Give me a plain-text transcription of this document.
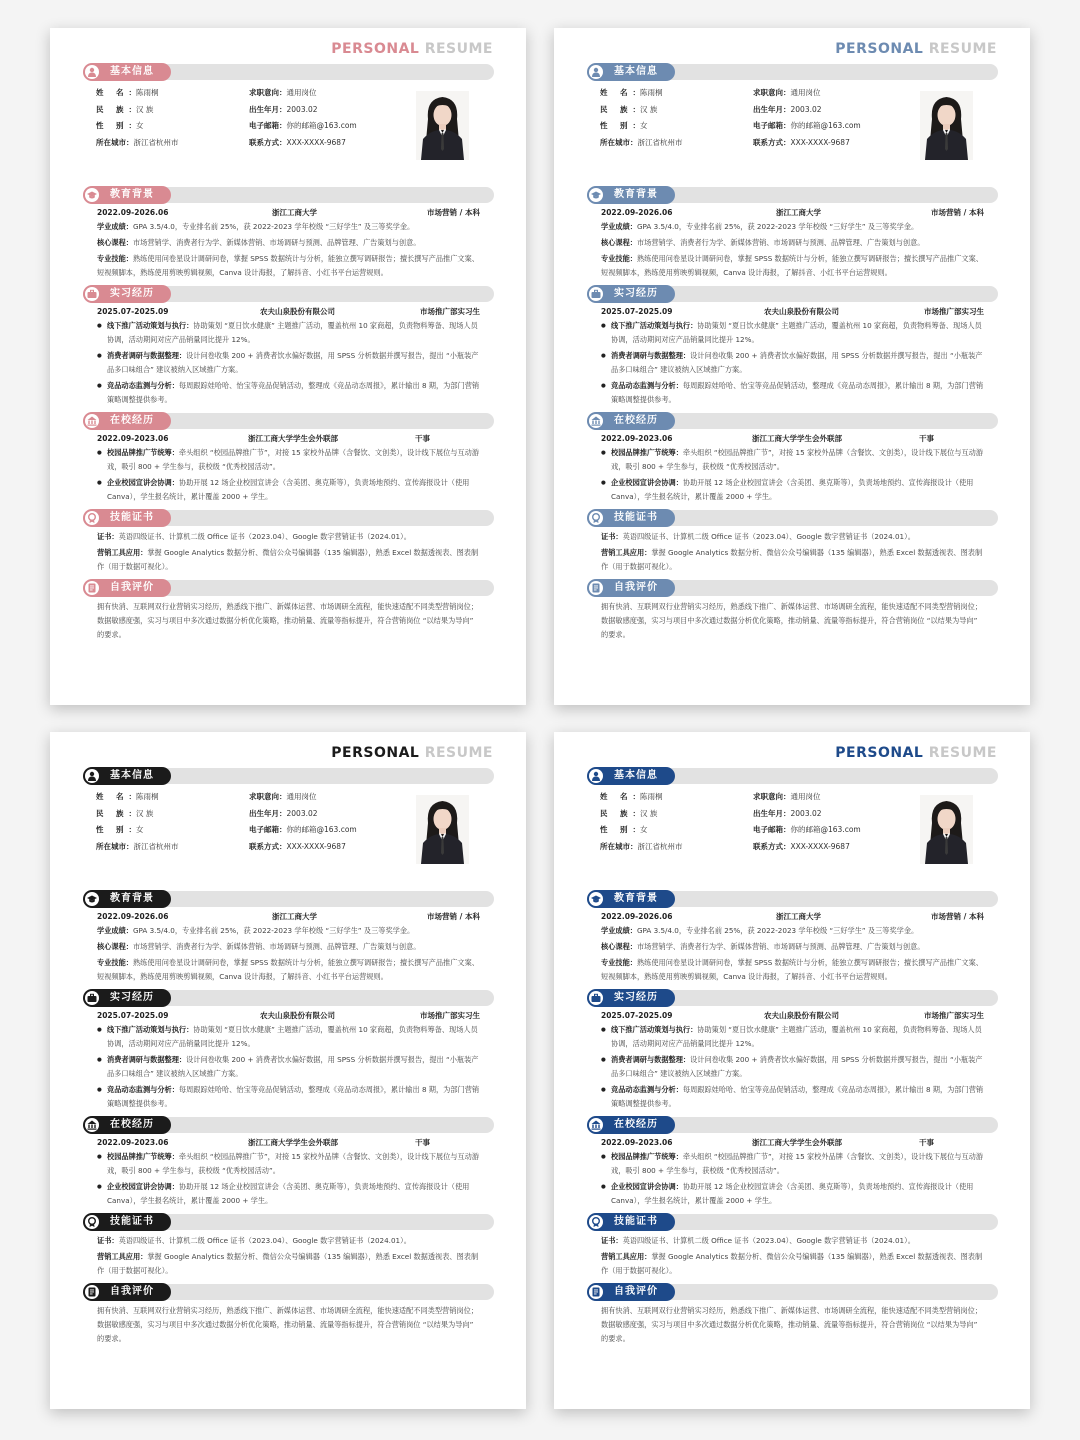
PERSONAL RESUME
基本信息
姓 名：陈雨桐
民 族：汉 族
性 别：女
所在城市：浙江省杭州市
求职意向：通用岗位
出生年月：2003.02
电子邮箱：你的邮箱@163.com
联系方式：XXX-XXXX-9687
教育背景
2022.09-2026.06	浙江工商大学	市场营销 / 本科
学业成绩：GPA 3.5/4.0，专业排名前 25%，获 2022-2023 学年校级 “三好学生” 及三等奖学金。
核心课程：市场营销学、消费者行为学、新媒体营销、市场调研与预测、品牌管理、广告策划与创意。
专业技能：熟练使用问卷星设计调研问卷，掌握 SPSS 数据统计与分析，能独立撰写调研报告；擅长撰写产品推广文案、短视频脚本，熟练使用剪映剪辑视频，Canva 设计海报，了解抖音、小红书平台运营规则。
实习经历
2025.07-2025.09	农夫山泉股份有限公司	市场推广部实习生
● 线下推广活动策划与执行：协助策划 “夏日饮水健康” 主题推广活动，覆盖杭州 10 家商超，负责物料筹备、现场人员协调，活动期间对应产品销量同比提升 12%。
● 消费者调研与数据整理：设计问卷收集 200 + 消费者饮水偏好数据，用 SPSS 分析数据并撰写报告，提出 “小瓶装产品多口味组合” 建议被纳入区域推广方案。
● 竞品动态监测与分析：每周跟踪娃哈哈、怡宝等竞品促销活动，整理成《竞品动态周报》，累计输出 8 期，为部门营销策略调整提供参考。
在校经历
2022.09-2023.06	浙江工商大学学生会外联部	干事
● 校园品牌推广节统筹：牵头组织 “校园品牌推广节”，对接 15 家校外品牌（含餐饮、文创类），设计线下展位与互动游戏，吸引 800 + 学生参与，获校级 “优秀校园活动”。
● 企业校园宣讲会协调：协助开展 12 场企业校园宣讲会（含美团、奥克斯等），负责场地预约、宣传海报设计（使用 Canva），学生报名统计，累计覆盖 2000 + 学生。
技能证书
证书：英语四级证书、计算机二级 Office 证书（2023.04）、Google 数字营销证书（2024.01）。
营销工具应用：掌握 Google Analytics 数据分析、微信公众号编辑器（135 编辑器），熟悉 Excel 数据透视表、图表制作（用于数据可视化）。
自我评价
拥有快消、互联网双行业营销实习经历，熟悉线下推广、新媒体运营、市场调研全流程，能快速适配不同类型营销岗位；数据敏感度强，实习与项目中多次通过数据分析优化策略，推动销量、流量等指标提升，符合营销岗位 “以结果为导向” 的要求。
PERSONAL RESUME
基本信息
姓 名：陈雨桐
民 族：汉 族
性 别：女
所在城市：浙江省杭州市
求职意向：通用岗位
出生年月：2003.02
电子邮箱：你的邮箱@163.com
联系方式：XXX-XXXX-9687
教育背景
2022.09-2026.06	浙江工商大学	市场营销 / 本科
学业成绩：GPA 3.5/4.0，专业排名前 25%，获 2022-2023 学年校级 “三好学生” 及三等奖学金。
核心课程：市场营销学、消费者行为学、新媒体营销、市场调研与预测、品牌管理、广告策划与创意。
专业技能：熟练使用问卷星设计调研问卷，掌握 SPSS 数据统计与分析，能独立撰写调研报告；擅长撰写产品推广文案、短视频脚本，熟练使用剪映剪辑视频，Canva 设计海报，了解抖音、小红书平台运营规则。
实习经历
2025.07-2025.09	农夫山泉股份有限公司	市场推广部实习生
● 线下推广活动策划与执行：协助策划 “夏日饮水健康” 主题推广活动，覆盖杭州 10 家商超，负责物料筹备、现场人员协调，活动期间对应产品销量同比提升 12%。
● 消费者调研与数据整理：设计问卷收集 200 + 消费者饮水偏好数据，用 SPSS 分析数据并撰写报告，提出 “小瓶装产品多口味组合” 建议被纳入区域推广方案。
● 竞品动态监测与分析：每周跟踪娃哈哈、怡宝等竞品促销活动，整理成《竞品动态周报》，累计输出 8 期，为部门营销策略调整提供参考。
在校经历
2022.09-2023.06	浙江工商大学学生会外联部	干事
● 校园品牌推广节统筹：牵头组织 “校园品牌推广节”，对接 15 家校外品牌（含餐饮、文创类），设计线下展位与互动游戏，吸引 800 + 学生参与，获校级 “优秀校园活动”。
● 企业校园宣讲会协调：协助开展 12 场企业校园宣讲会（含美团、奥克斯等），负责场地预约、宣传海报设计（使用 Canva），学生报名统计，累计覆盖 2000 + 学生。
技能证书
证书：英语四级证书、计算机二级 Office 证书（2023.04）、Google 数字营销证书（2024.01）。
营销工具应用：掌握 Google Analytics 数据分析、微信公众号编辑器（135 编辑器），熟悉 Excel 数据透视表、图表制作（用于数据可视化）。
自我评价
拥有快消、互联网双行业营销实习经历，熟悉线下推广、新媒体运营、市场调研全流程，能快速适配不同类型营销岗位；数据敏感度强，实习与项目中多次通过数据分析优化策略，推动销量、流量等指标提升，符合营销岗位 “以结果为导向” 的要求。
PERSONAL RESUME
基本信息
姓 名：陈雨桐
民 族：汉 族
性 别：女
所在城市：浙江省杭州市
求职意向：通用岗位
出生年月：2003.02
电子邮箱：你的邮箱@163.com
联系方式：XXX-XXXX-9687
教育背景
2022.09-2026.06	浙江工商大学	市场营销 / 本科
学业成绩：GPA 3.5/4.0，专业排名前 25%，获 2022-2023 学年校级 “三好学生” 及三等奖学金。
核心课程：市场营销学、消费者行为学、新媒体营销、市场调研与预测、品牌管理、广告策划与创意。
专业技能：熟练使用问卷星设计调研问卷，掌握 SPSS 数据统计与分析，能独立撰写调研报告；擅长撰写产品推广文案、短视频脚本，熟练使用剪映剪辑视频，Canva 设计海报，了解抖音、小红书平台运营规则。
实习经历
2025.07-2025.09	农夫山泉股份有限公司	市场推广部实习生
● 线下推广活动策划与执行：协助策划 “夏日饮水健康” 主题推广活动，覆盖杭州 10 家商超，负责物料筹备、现场人员协调，活动期间对应产品销量同比提升 12%。
● 消费者调研与数据整理：设计问卷收集 200 + 消费者饮水偏好数据，用 SPSS 分析数据并撰写报告，提出 “小瓶装产品多口味组合” 建议被纳入区域推广方案。
● 竞品动态监测与分析：每周跟踪娃哈哈、怡宝等竞品促销活动，整理成《竞品动态周报》，累计输出 8 期，为部门营销策略调整提供参考。
在校经历
2022.09-2023.06	浙江工商大学学生会外联部	干事
● 校园品牌推广节统筹：牵头组织 “校园品牌推广节”，对接 15 家校外品牌（含餐饮、文创类），设计线下展位与互动游戏，吸引 800 + 学生参与，获校级 “优秀校园活动”。
● 企业校园宣讲会协调：协助开展 12 场企业校园宣讲会（含美团、奥克斯等），负责场地预约、宣传海报设计（使用 Canva），学生报名统计，累计覆盖 2000 + 学生。
技能证书
证书：英语四级证书、计算机二级 Office 证书（2023.04）、Google 数字营销证书（2024.01）。
营销工具应用：掌握 Google Analytics 数据分析、微信公众号编辑器（135 编辑器），熟悉 Excel 数据透视表、图表制作（用于数据可视化）。
自我评价
拥有快消、互联网双行业营销实习经历，熟悉线下推广、新媒体运营、市场调研全流程，能快速适配不同类型营销岗位；数据敏感度强，实习与项目中多次通过数据分析优化策略，推动销量、流量等指标提升，符合营销岗位 “以结果为导向” 的要求。
PERSONAL RESUME
基本信息
姓 名：陈雨桐
民 族：汉 族
性 别：女
所在城市：浙江省杭州市
求职意向：通用岗位
出生年月：2003.02
电子邮箱：你的邮箱@163.com
联系方式：XXX-XXXX-9687
教育背景
2022.09-2026.06	浙江工商大学	市场营销 / 本科
学业成绩：GPA 3.5/4.0，专业排名前 25%，获 2022-2023 学年校级 “三好学生” 及三等奖学金。
核心课程：市场营销学、消费者行为学、新媒体营销、市场调研与预测、品牌管理、广告策划与创意。
专业技能：熟练使用问卷星设计调研问卷，掌握 SPSS 数据统计与分析，能独立撰写调研报告；擅长撰写产品推广文案、短视频脚本，熟练使用剪映剪辑视频，Canva 设计海报，了解抖音、小红书平台运营规则。
实习经历
2025.07-2025.09	农夫山泉股份有限公司	市场推广部实习生
● 线下推广活动策划与执行：协助策划 “夏日饮水健康” 主题推广活动，覆盖杭州 10 家商超，负责物料筹备、现场人员协调，活动期间对应产品销量同比提升 12%。
● 消费者调研与数据整理：设计问卷收集 200 + 消费者饮水偏好数据，用 SPSS 分析数据并撰写报告，提出 “小瓶装产品多口味组合” 建议被纳入区域推广方案。
● 竞品动态监测与分析：每周跟踪娃哈哈、怡宝等竞品促销活动，整理成《竞品动态周报》，累计输出 8 期，为部门营销策略调整提供参考。
在校经历
2022.09-2023.06	浙江工商大学学生会外联部	干事
● 校园品牌推广节统筹：牵头组织 “校园品牌推广节”，对接 15 家校外品牌（含餐饮、文创类），设计线下展位与互动游戏，吸引 800 + 学生参与，获校级 “优秀校园活动”。
● 企业校园宣讲会协调：协助开展 12 场企业校园宣讲会（含美团、奥克斯等），负责场地预约、宣传海报设计（使用 Canva），学生报名统计，累计覆盖 2000 + 学生。
技能证书
证书：英语四级证书、计算机二级 Office 证书（2023.04）、Google 数字营销证书（2024.01）。
营销工具应用：掌握 Google Analytics 数据分析、微信公众号编辑器（135 编辑器），熟悉 Excel 数据透视表、图表制作（用于数据可视化）。
自我评价
拥有快消、互联网双行业营销实习经历，熟悉线下推广、新媒体运营、市场调研全流程，能快速适配不同类型营销岗位；数据敏感度强，实习与项目中多次通过数据分析优化策略，推动销量、流量等指标提升，符合营销岗位 “以结果为导向” 的要求。
